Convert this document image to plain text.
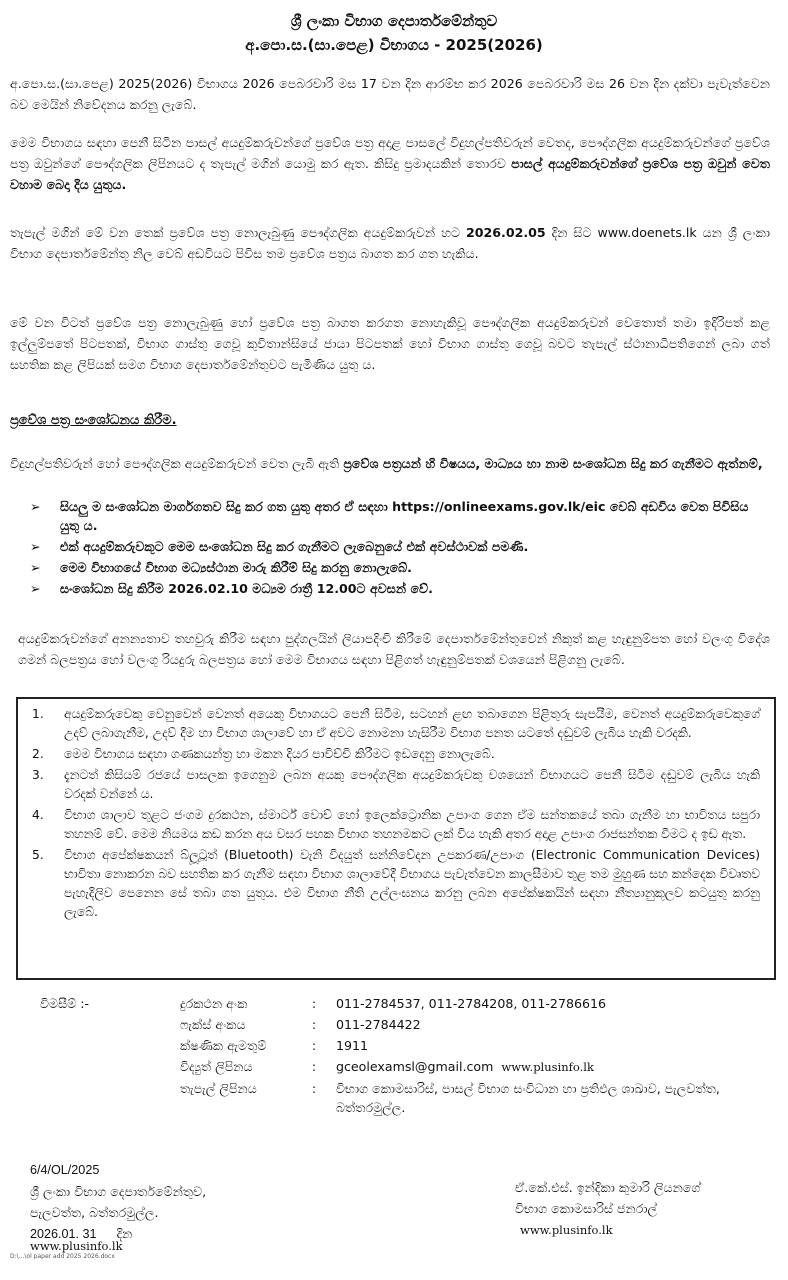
ශ්‍රී ලංකා විභාග දෙපාර්තමේන්තුව
අ.පො.ස.(සා.පෙළ) විභාගය - 2025(2026)

අ.පො.ස.(සා.පෙළ) 2025(2026) විභාගය 2026 පෙබරවාරි මස 17 වන දින ආරම්භ කර 2026 පෙබරවාරි මස 26 වන දින දක්වා පැවැත්වෙන බව මෙයින් නිවේදනය කරනු ලැබේ.

මෙම විභාගය සඳහා පෙනී සිටින පාසල් අයදුම්කරුවන්ගේ ප්‍රවේශ පත්‍ර අදාළ පාසලේ විදුහල්පතිවරුන් වෙතද, පෞද්ගලික අයදුම්කරුවන්ගේ ප්‍රවේශ පත්‍ර ඔවුන්ගේ පෞද්ගලික ලිපිනයට ද තැපැල් මගින් යොමු කර ඇත. කිසිදු ප්‍රමාදයකින් තොරව පාසල් අයදුම්කරුවන්ගේ ප්‍රවේශ පත්‍ර ඔවුන් වෙත වහාම බෙදා දිය යුතුය.

තැපැල් මගින් මේ වන තෙක් ප්‍රවේශ පත්‍ර නොලැබුණු පෞද්ගලික අයදුම්කරුවන් හට 2026.02.05 දින සිට www.doenets.lk යන ශ්‍රී ලංකා විභාග දෙපාර්තමේන්තු නිල වෙබ් අඩවියට පිවිස තම ප්‍රවේශ පත්‍රය බාගත කර ගත හැකිය.

මේ වන විටත් ප්‍රවේශ පත්‍ර නොලැබුණු හෝ ප්‍රවේශ පත්‍ර බාගත කරගත නොහැකිවූ පෞද්ගලික අයදුම්කරුවන් වෙතොත් තමා ඉදිරිපත් කළ ඉල්ලුම්පතේ පිටපතක්, විභාග ගාස්තු ගෙවූ කුවිතාන්සියේ ජායා පිටපතක් හෝ විභාග ගාස්තු ගෙවූ බවට තැපැල් ස්ථානාධිපතිගෙන් ලබා ගත් සහතික කළ ලිපියක් සමග විභාග දෙපාර්තමේන්තුවට පැමිණිය යුතු ය.

ප්‍රවේශ පත්‍ර සංශෝධනය කිරීම.

විදුහල්පතිවරුන් හෝ පෞද්ගලික අයදුම්කරුවන් වෙත ලැබී ඇති ප්‍රවේශ පත්‍රයන් හි විෂයය, මාධ්‍යය හා නාම සංශෝධන සිදු කර ගැනීමට ඇත්නම්,

➢ සියලු ම සංශෝධන මාර්ගගතව සිදු කර ගත යුතු අතර ඒ සඳහා https://onlineexams.gov.lk/eic වෙබ් අඩවිය වෙත පිවිසිය යුතු ය.
➢ එක් අයදුම්කරුවකුට මෙම සංශෝධන සිදු කර ගැනීමට ලැබෙනුයේ එක් අවස්ථාවක් පමණි.
➢ මෙම විභාගයේ විභාග මධ්‍යස්ථාන මාරු කිරීම් සිදු කරනු නොලැබේ.
➢ සංශෝධන සිදු කිරීම 2026.02.10 මධ්‍යම රාත්‍රී 12.00ට අවසන් වේ.

අයදුම්කරුවන්ගේ අනන්‍යතාව තහවුරු කිරීම සඳහා පුද්ගලයින් ලියාපදිංචි කිරීමේ දෙපාර්තමේන්තුවෙන් නිකුත් කළ හැඳුනුම්පත හෝ වලංගු විදේශ ගමන් බලපත්‍රය හෝ වලංගු රියදුරු බලපත්‍රය හෝ මෙම විභාගය සඳහා පිළිගත් හැඳුනුම්පතක් වශයෙන් පිළිගනු ලැබේ.

1. අයදුම්කරුවෙකු වෙනුවෙන් වෙනත් අයෙකු විභාගයට පෙනී සිටීම, සටහන් ළඟ තබාගෙන පිළිතුරු සැපයීම, වෙනත් අයදුම්කරුවෙකුගේ උදව් ලබාගැනීම, උදව් දීම හා විභාග ශාලාවේ හා ඒ අවට නොමනා හැසිරීම විභාග පනත යටතේ දඬුවම් ලැබිය හැකි වරදකි.
2. මෙම විභාගය සඳහා ගණකයන්ත්‍ර හා මකන දියර පාවිච්චි කිරීමට ඉඩදෙනු නොලැබේ.
3. දැනටත් කිසියම් රජයේ පාසලක ඉගෙනුම ලබන අයකු පෞද්ගලික අයදුම්කරුවකු වශයෙන් විභාගයට පෙනී සිටීම දඬුවම් ලැබිය හැකි වරදක් වන්නේ ය.
4. විභාග ශාලාව තුළට ජංගම දුරකථන, ස්මාර්ට් වොච් හෝ ඉලෙක්ට්‍රොනික උපාංග ගෙන ඒම සන්තකයේ තබා ගැනීම හා භාවිතය සපුරා තහනම් වේ. මෙම නියමය කඩ කරන අය වසර පහක විභාග තහනමකට ලක් විය හැකි අතර අදාළ උපාංග රාජසන්තක වීමට ද ඉඩ ඇත.
5. විභාග අපේක්ෂකයන් බ්ලූටූත් (Bluetooth) වැනි විදයුත් සන්නිවේදන උපකරණ/උපාංග (Electronic Communication Devices) භාවිතා නොකරන බව සහතික කර ගැනීම සඳහා විභාග ශාලාවේදී විභාගය පැවැත්වෙන කාලසීමාව තුළ තම මුහුණ සහ කන්දෙක විවෘතව පැහැදිලිව පෙනෙන සේ තබා ගත යුතුය. එම විභාග නීති උල්ලංඝනය කරනු ලබන අපේක්ෂකයින් සඳහා නීත්‍යානුකූලව කටයුතු කරනු ලැබේ.
විමසීම් :-	දුරකථන අංක	:	011-2784537, 011-2784208, 011-2786616
ෆැක්ස් අංකය	:	011-2784422
ක්ෂණික ඇමතුම්	:	1911
විද්‍යුත් ලිපිනය	:	gceolexamsl@gmail.com www.plusinfo.lk
තැපැල් ලිපිනය	:	විභාග කොමසාරිස්, පාසල් විභාග සංවිධාන හා ප්‍රතිඵල ශාඛාව, පැලවත්ත, බත්තරමුල්ල.
6/4/OL/2025
ශ්‍රී ලංකා විභාග දෙපාර්තමේන්තුව,
පැලවත්ත, බත්තරමුල්ල.
2026.01. 31 දින
ඒ.කේ.එස්. ඉන්දිකා කුමාරි ලියනගේ
විභාග කොමසාරිස් ජනරාල්
www.plusinfo.lk
www.plusinfo.lk
D:\...\ol paper add 2025 2026.docx
